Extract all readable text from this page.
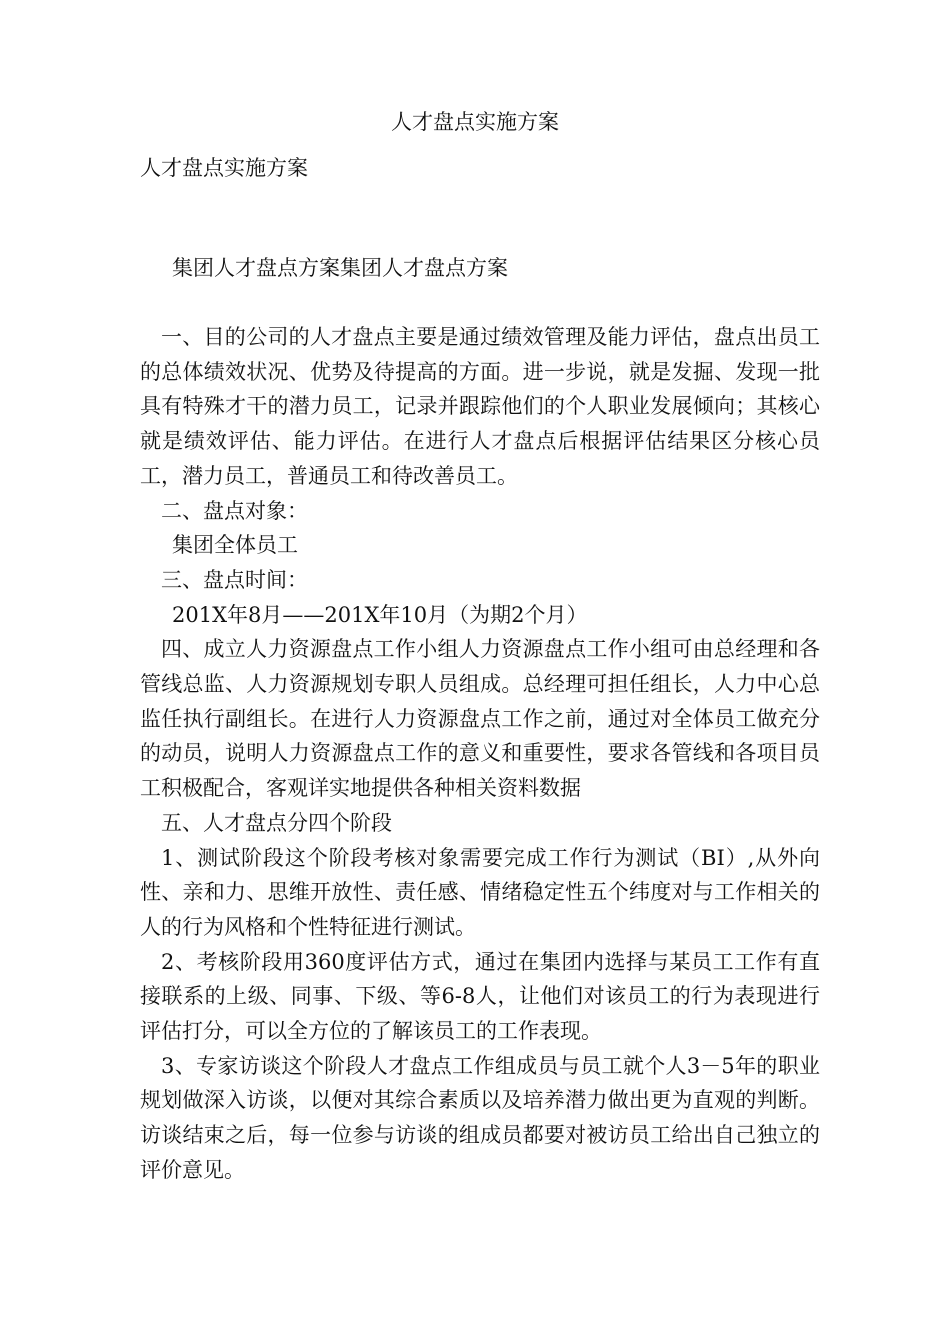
人才盘点实施方案
人才盘点实施方案
集团人才盘点方案集团人才盘点方案

一、目的公司的人才盘点主要是通过绩效管理及能力评估，盘点出员工的总体绩效状况、优势及待提高的方面。进一步说，就是发掘、发现一批具有特殊才干的潜力员工，记录并跟踪他们的个人职业发展倾向；其核心就是绩效评估、能力评估。在进行人才盘点后根据评估结果区分核心员工，潜力员工，普通员工和待改善员工。

二、盘点对象：

集团全体员工

三、盘点时间：

201X年8月——201X年10月（为期2个月）

四、成立人力资源盘点工作小组人力资源盘点工作小组可由总经理和各管线总监、人力资源规划专职人员组成。总经理可担任组长，人力中心总监任执行副组长。在进行人力资源盘点工作之前，通过对全体员工做充分的动员，说明人力资源盘点工作的意义和重要性，要求各管线和各项目员工积极配合，客观详实地提供各种相关资料数据

五、人才盘点分四个阶段

1、测试阶段这个阶段考核对象需要完成工作行为测试（BI）,从外向性、亲和力、思维开放性、责任感、情绪稳定性五个纬度对与工作相关的人的行为风格和个性特征进行测试。

2、考核阶段用360度评估方式，通过在集团内选择与某员工工作有直接联系的上级、同事、下级、等6-8人，让他们对该员工的行为表现进行评估打分，可以全方位的了解该员工的工作表现。

3、专家访谈这个阶段人才盘点工作组成员与员工就个人3－5年的职业规划做深入访谈，以便对其综合素质以及培养潜力做出更为直观的判断。访谈结束之后，每一位参与访谈的组成员都要对被访员工给出自己独立的评价意见。
